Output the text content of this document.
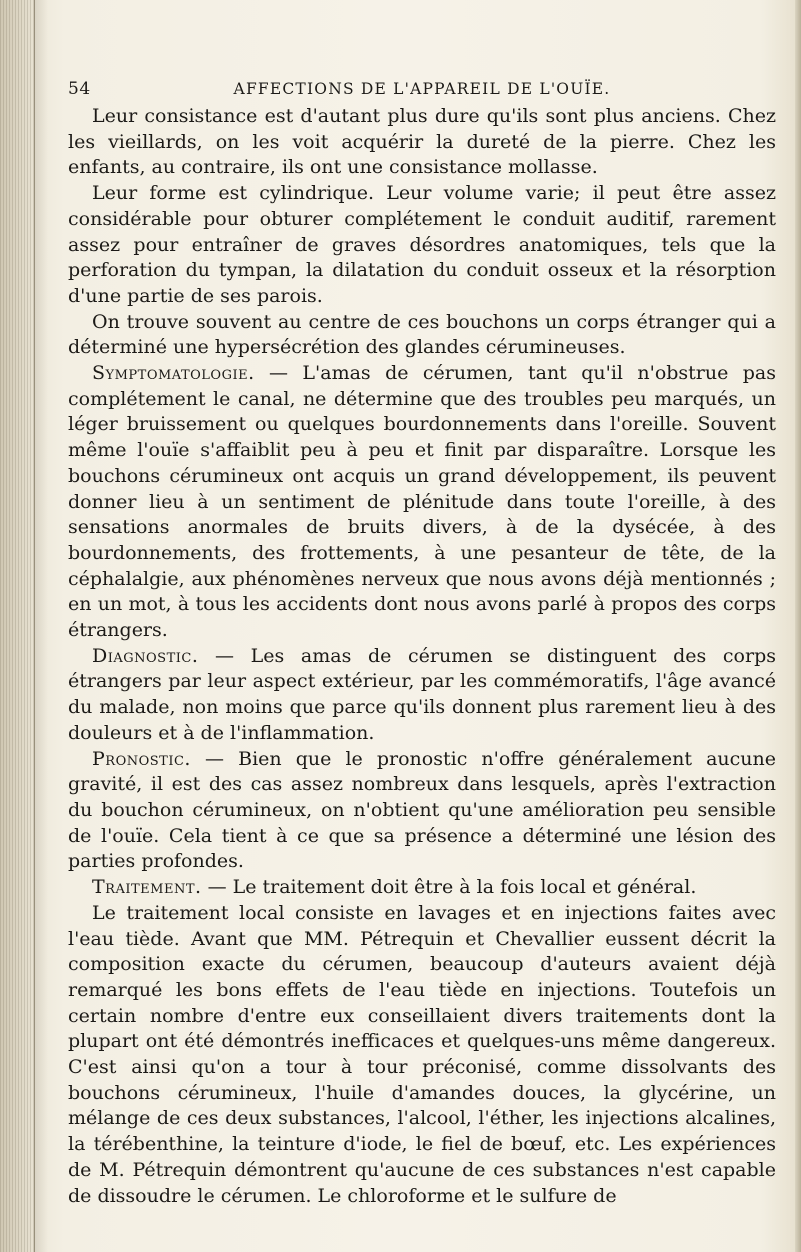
54	AFFECTIONS DE L'APPAREIL DE L'OUÏE.

Leur consistance est d'autant plus dure qu'ils sont plus anciens. Chez les vieillards, on les voit acquérir la dureté de la pierre. Chez les enfants, au contraire, ils ont une consistance mollasse.

Leur forme est cylindrique. Leur volume varie; il peut être assez considérable pour obturer complétement le conduit auditif, rarement assez pour entraîner de graves désordres anatomiques, tels que la perforation du tympan, la dilatation du conduit osseux et la résorption d'une partie de ses parois.

On trouve souvent au centre de ces bouchons un corps étranger qui a déterminé une hypersécrétion des glandes cérumineuses.

Symptomatologie. — L'amas de cérumen, tant qu'il n'obstrue pas complétement le canal, ne détermine que des troubles peu marqués, un léger bruissement ou quelques bourdonnements dans l'oreille. Souvent même l'ouïe s'affaiblit peu à peu et finit par disparaître. Lorsque les bouchons cérumineux ont acquis un grand développement, ils peuvent donner lieu à un sentiment de plénitude dans toute l'oreille, à des sensations anormales de bruits divers, à de la dysécée, à des bourdonnements, des frottements, à une pesanteur de tête, de la céphalalgie, aux phénomènes nerveux que nous avons déjà mentionnés ; en un mot, à tous les accidents dont nous avons parlé à propos des corps étrangers.

Diagnostic. — Les amas de cérumen se distinguent des corps étrangers par leur aspect extérieur, par les commémoratifs, l'âge avancé du malade, non moins que parce qu'ils donnent plus rarement lieu à des douleurs et à de l'inflammation.

Pronostic. — Bien que le pronostic n'offre généralement aucune gravité, il est des cas assez nombreux dans lesquels, après l'extraction du bouchon cérumineux, on n'obtient qu'une amélioration peu sensible de l'ouïe. Cela tient à ce que sa présence a déterminé une lésion des parties profondes.

Traitement. — Le traitement doit être à la fois local et général.

Le traitement local consiste en lavages et en injections faites avec l'eau tiède. Avant que MM. Pétrequin et Chevallier eussent décrit la composition exacte du cérumen, beaucoup d'auteurs avaient déjà remarqué les bons effets de l'eau tiède en injections. Toutefois un certain nombre d'entre eux conseillaient divers traitements dont la plupart ont été démontrés inefficaces et quelques-uns même dangereux. C'est ainsi qu'on a tour à tour préconisé, comme dissolvants des bouchons cérumineux, l'huile d'amandes douces, la glycérine, un mélange de ces deux substances, l'alcool, l'éther, les injections alcalines, la térébenthine, la teinture d'iode, le fiel de bœuf, etc. Les expériences de M. Pétrequin démontrent qu'aucune de ces substances n'est capable de dissoudre le cérumen. Le chloroforme et le sulfure de
